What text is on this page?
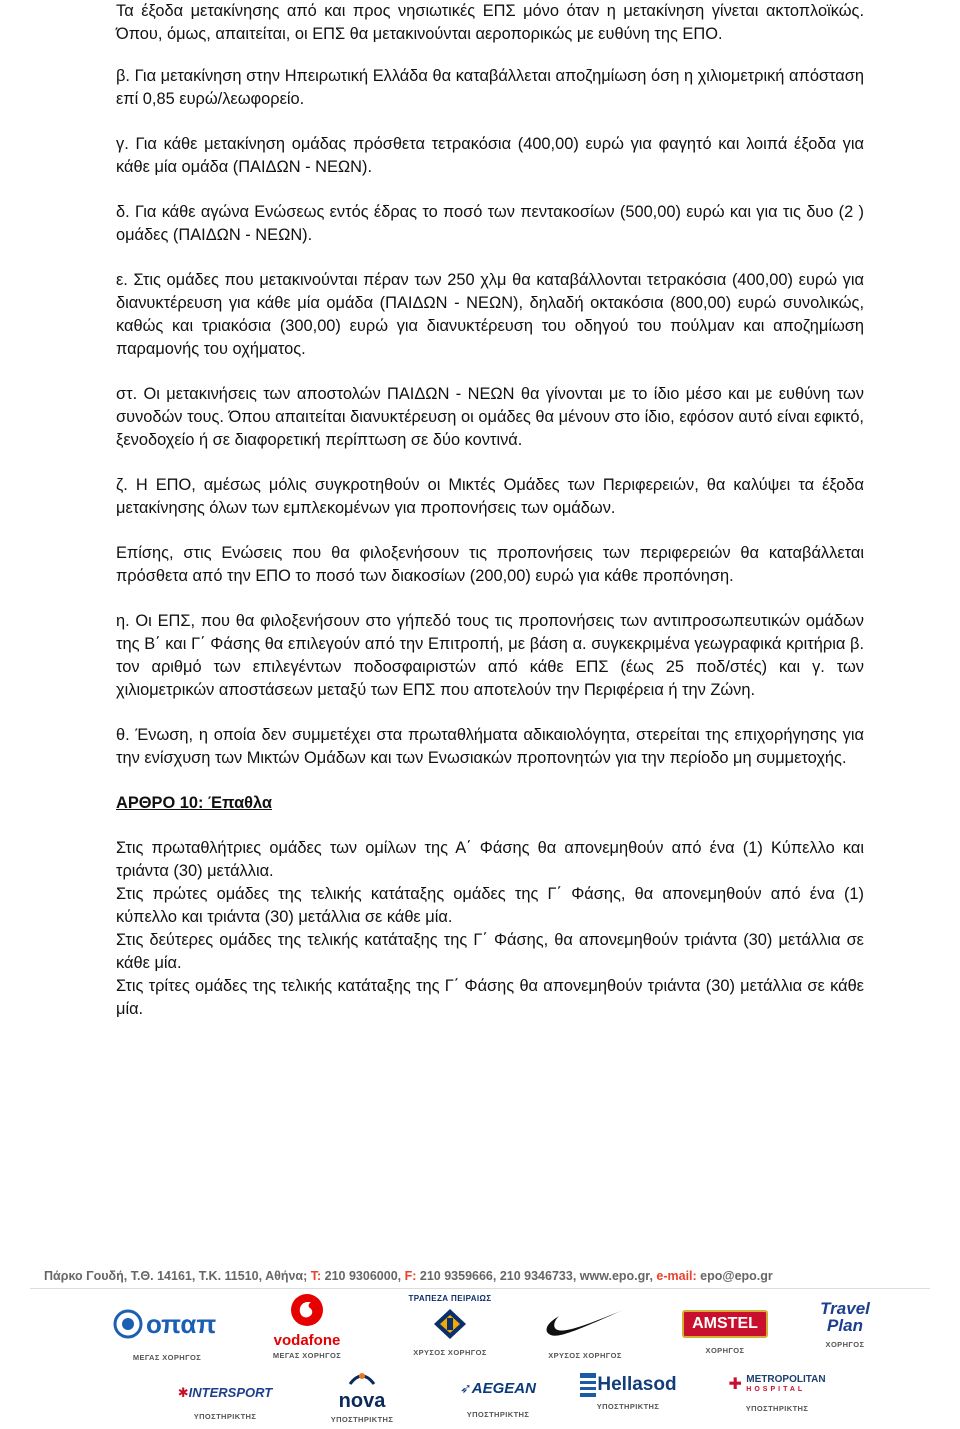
Τα έξοδα μετακίνησης από και προς νησιωτικές ΕΠΣ μόνο όταν η μετακίνηση γίνεται ακτοπλοϊκώς. Όπου, όμως, απαιτείται, οι ΕΠΣ θα μετακινούνται αεροπορικώς με ευθύνη της ΕΠΟ.

β. Για μετακίνηση στην Ηπειρωτική Ελλάδα θα καταβάλλεται αποζημίωση όση η χιλιομετρική απόσταση επί 0,85 ευρώ/λεωφορείο.

γ. Για κάθε μετακίνηση ομάδας πρόσθετα τετρακόσια (400,00) ευρώ για φαγητό και λοιπά έξοδα για κάθε μία ομάδα (ΠΑΙΔΩΝ - ΝΕΩΝ).

δ. Για κάθε αγώνα Ενώσεως εντός έδρας το ποσό των πεντακοσίων (500,00) ευρώ και για τις δυο (2 ) ομάδες (ΠΑΙΔΩΝ - ΝΕΩΝ).

ε. Στις ομάδες που μετακινούνται πέραν των 250 χλμ θα καταβάλλονται τετρακόσια (400,00) ευρώ για διανυκτέρευση για κάθε μία ομάδα (ΠΑΙΔΩΝ - ΝΕΩΝ), δηλαδή οκτακόσια (800,00) ευρώ συνολικώς, καθώς και τριακόσια (300,00) ευρώ για διανυκτέρευση του οδηγού του πούλμαν και αποζημίωση παραμονής του οχήματος.

στ. Οι μετακινήσεις των αποστολών ΠΑΙΔΩΝ - ΝΕΩΝ θα γίνονται με το ίδιο μέσο και με ευθύνη των συνοδών τους. Όπου απαιτείται διανυκτέρευση οι ομάδες θα μένουν στο ίδιο, εφόσον αυτό είναι εφικτό, ξενοδοχείο ή σε διαφορετική περίπτωση σε δύο κοντινά.

ζ. Η ΕΠΟ, αμέσως μόλις συγκροτηθούν οι Μικτές Ομάδες των Περιφερειών, θα καλύψει τα έξοδα μετακίνησης όλων των εμπλεκομένων για προπονήσεις των ομάδων.

Επίσης, στις Ενώσεις που θα φιλοξενήσουν τις προπονήσεις των περιφερειών θα καταβάλλεται πρόσθετα από την ΕΠΟ το ποσό των διακοσίων (200,00) ευρώ για κάθε προπόνηση.

η. Οι ΕΠΣ, που θα φιλοξενήσουν στο γήπεδό τους τις προπονήσεις των αντιπροσωπευτικών ομάδων της Β΄ και Γ΄ Φάσης θα επιλεγούν από την Επιτροπή, με βάση α. συγκεκριμένα γεωγραφικά κριτήρια β. τον αριθμό των επιλεγέντων ποδοσφαιριστών από κάθε ΕΠΣ (έως 25 ποδ/στές) και γ. των χιλιομετρικών αποστάσεων μεταξύ των ΕΠΣ που αποτελούν την Περιφέρεια ή την Ζώνη.

θ. Ένωση, η οποία δεν συμμετέχει στα πρωταθλήματα αδικαιολόγητα, στερείται της επιχορήγησης για την ενίσχυση των Μικτών Ομάδων και των Ενωσιακών προπονητών για την περίοδο μη συμμετοχής.

ΑΡΘΡΟ 10: Έπαθλα

Στις πρωταθλήτριες ομάδες των ομίλων της Α΄ Φάσης θα απονεμηθούν από ένα (1) Κύπελλο και τριάντα (30) μετάλλια.

Στις πρώτες ομάδες της τελικής κατάταξης ομάδες της Γ΄ Φάσης, θα απονεμηθούν από ένα (1) κύπελλο και τριάντα (30) μετάλλια σε κάθε μία.

Στις δεύτερες ομάδες της τελικής κατάταξης της Γ΄ Φάσης, θα απονεμηθούν τριάντα (30) μετάλλια σε κάθε μία.

Στις τρίτες ομάδες της τελικής κατάταξης της Γ΄ Φάσης θα απονεμηθούν τριάντα (30) μετάλλια σε κάθε μία.

Πάρκο Γουδή, Τ.Θ. 14161, Τ.Κ. 11510, Αθήνα; T: 210 9306000, F: 210 9359666, 210 9346733, www.epo.gr, e-mail: epo@epo.gr
οπαπ
ΜΕΓΑΣ ΧΟΡΗΓΟΣ
vodafone
ΜΕΓΑΣ ΧΟΡΗΓΟΣ
ΤΡΑΠΕΖΑ ΠΕΙΡΑΙΩΣ
ΧΡΥΣΟΣ ΧΟΡΗΓΟΣ	ΧΡΥΣΟΣ ΧΟΡΗΓΟΣ
AMSTEL
ΧΟΡΗΓΟΣ
Travel
Plan
ΧΟΡΗΓΟΣ
✱INTERSPORT
ΥΠΟΣΤΗΡΙΚΤΗΣ
nova
ΥΠΟΣΤΗΡΙΚΤΗΣ
➶AEGEAN
ΥΠΟΣΤΗΡΙΚΤΗΣ
Hellasod
ΥΠΟΣΤΗΡΙΚΤΗΣ
✚ METROPOLITAN
HOSPITAL
ΥΠΟΣΤΗΡΙΚΤΗΣ
